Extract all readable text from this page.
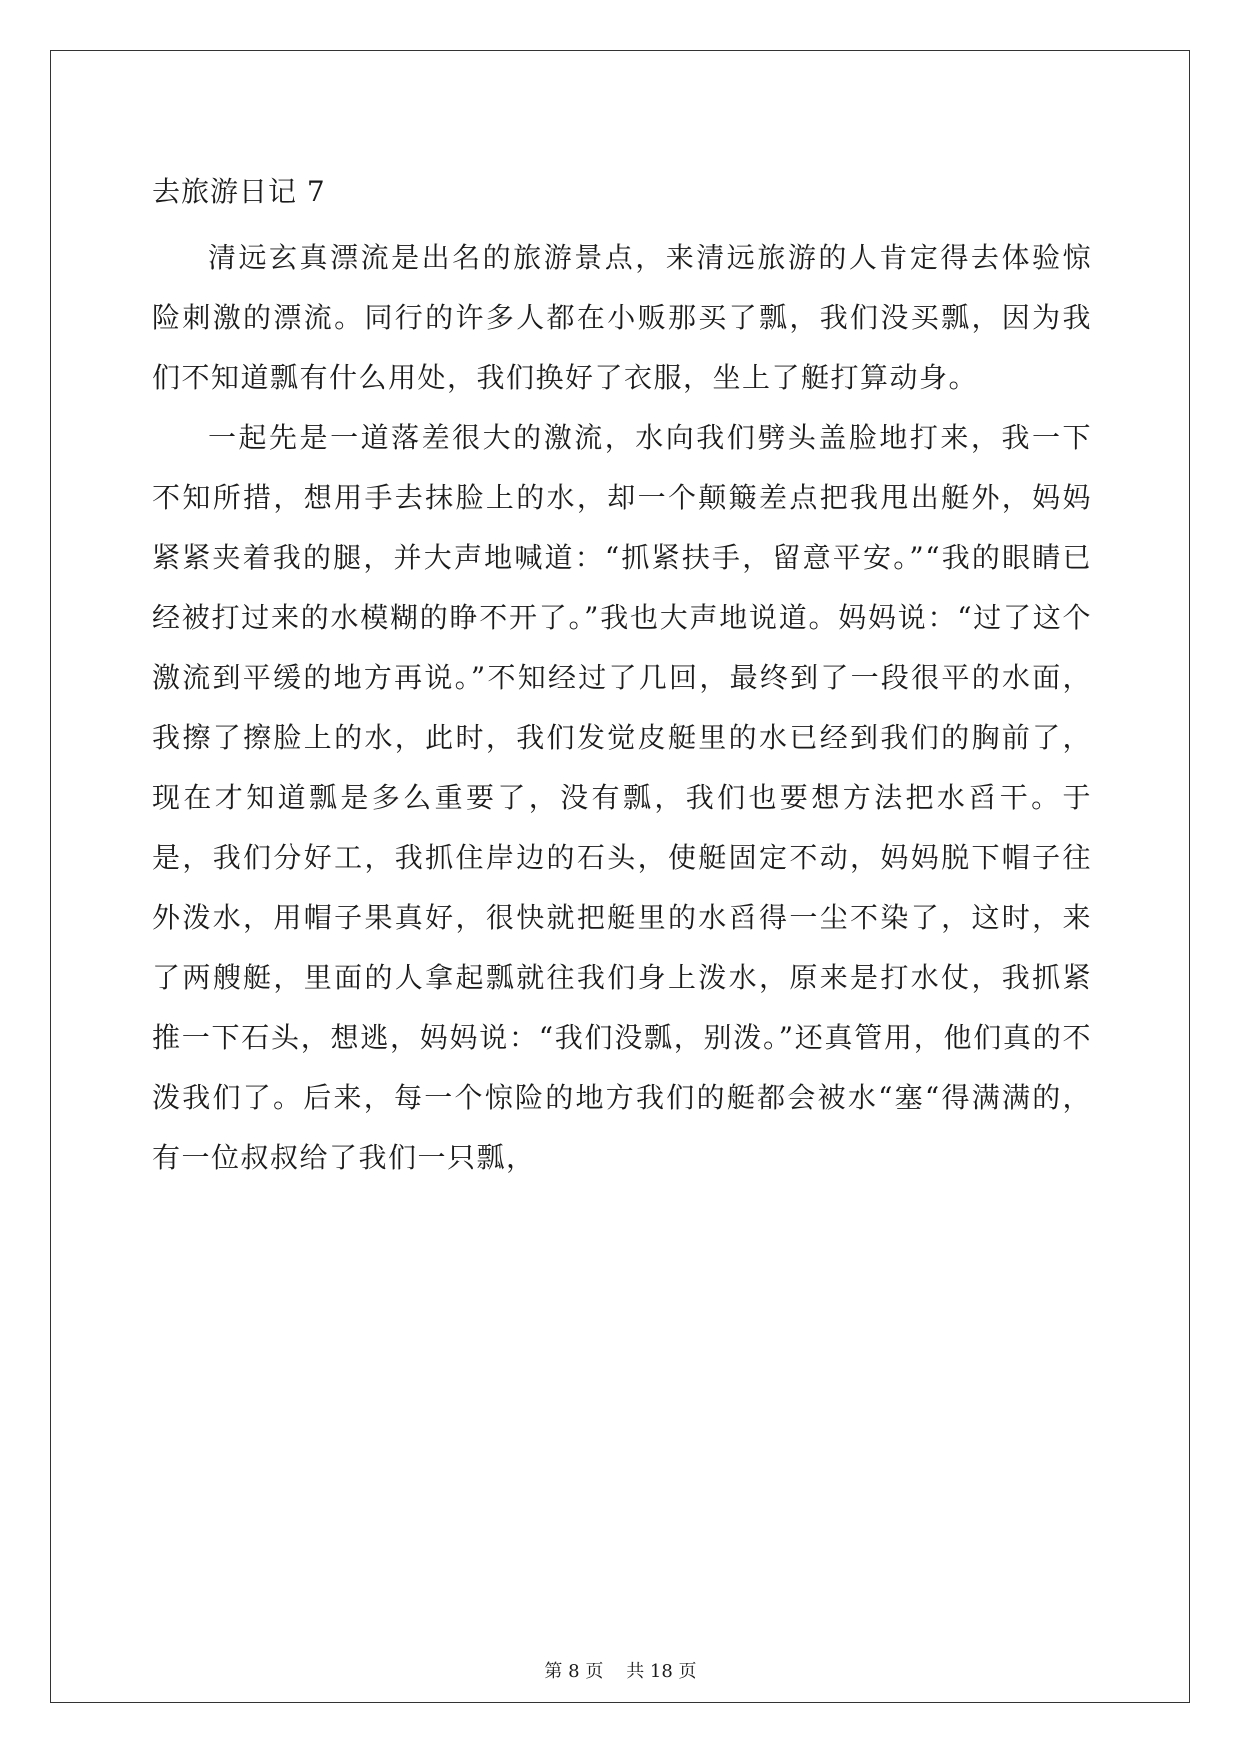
去旅游日记 7

清远玄真漂流是出名的旅游景点，来清远旅游的人肯定得去体验惊险刺激的漂流。同行的许多人都在小贩那买了瓢，我们没买瓢，因为我们不知道瓢有什么用处，我们换好了衣服，坐上了艇打算动身。

一起先是一道落差很大的激流，水向我们劈头盖脸地打来，我一下不知所措，想用手去抹脸上的水，却一个颠簸差点把我甩出艇外，妈妈紧紧夹着我的腿，并大声地喊道：“抓紧扶手，留意平安。”“我的眼睛已经被打过来的水模糊的睁不开了。”我也大声地说道。妈妈说：“过了这个激流到平缓的地方再说。”不知经过了几回，最终到了一段很平的水面，我擦了擦脸上的水，此时，我们发觉皮艇里的水已经到我们的胸前了，现在才知道瓢是多么重要了，没有瓢，我们也要想方法把水舀干。于是，我们分好工，我抓住岸边的石头，使艇固定不动，妈妈脱下帽子往外泼水，用帽子果真好，很快就把艇里的水舀得一尘不染了，这时，来了两艘艇，里面的人拿起瓢就往我们身上泼水，原来是打水仗，我抓紧推一下石头，想逃，妈妈说：“我们没瓢，别泼。”还真管用，他们真的不泼我们了。后来，每一个惊险的地方我们的艇都会被水“塞“得满满的，有一位叔叔给了我们一只瓢，

第 8 页    共 18 页
